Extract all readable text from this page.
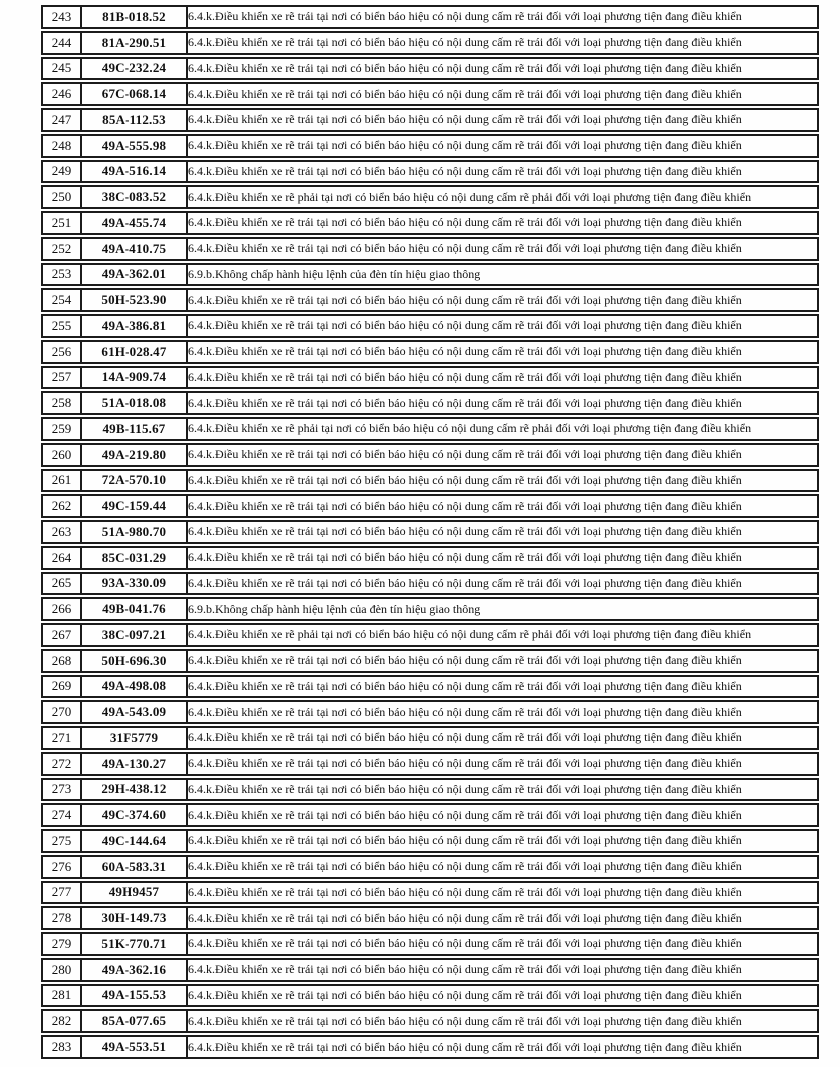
243	81B-018.52	6.4.k.Điều khiển xe rẽ trái tại nơi có biển báo hiệu có nội dung cấm rẽ trái đối với loại phương tiện đang điều khiển
244	81A-290.51	6.4.k.Điều khiển xe rẽ trái tại nơi có biển báo hiệu có nội dung cấm rẽ trái đối với loại phương tiện đang điều khiển
245	49C-232.24	6.4.k.Điều khiển xe rẽ trái tại nơi có biển báo hiệu có nội dung cấm rẽ trái đối với loại phương tiện đang điều khiển
246	67C-068.14	6.4.k.Điều khiển xe rẽ trái tại nơi có biển báo hiệu có nội dung cấm rẽ trái đối với loại phương tiện đang điều khiển
247	85A-112.53	6.4.k.Điều khiển xe rẽ trái tại nơi có biển báo hiệu có nội dung cấm rẽ trái đối với loại phương tiện đang điều khiển
248	49A-555.98	6.4.k.Điều khiển xe rẽ trái tại nơi có biển báo hiệu có nội dung cấm rẽ trái đối với loại phương tiện đang điều khiển
249	49A-516.14	6.4.k.Điều khiển xe rẽ trái tại nơi có biển báo hiệu có nội dung cấm rẽ trái đối với loại phương tiện đang điều khiển
250	38C-083.52	6.4.k.Điều khiển xe rẽ phải tại nơi có biển báo hiệu có nội dung cấm rẽ phải đối với loại phương tiện đang điều khiển
251	49A-455.74	6.4.k.Điều khiển xe rẽ trái tại nơi có biển báo hiệu có nội dung cấm rẽ trái đối với loại phương tiện đang điều khiển
252	49A-410.75	6.4.k.Điều khiển xe rẽ trái tại nơi có biển báo hiệu có nội dung cấm rẽ trái đối với loại phương tiện đang điều khiển
253	49A-362.01	6.9.b.Không chấp hành hiệu lệnh của đèn tín hiệu giao thông
254	50H-523.90	6.4.k.Điều khiển xe rẽ trái tại nơi có biển báo hiệu có nội dung cấm rẽ trái đối với loại phương tiện đang điều khiển
255	49A-386.81	6.4.k.Điều khiển xe rẽ trái tại nơi có biển báo hiệu có nội dung cấm rẽ trái đối với loại phương tiện đang điều khiển
256	61H-028.47	6.4.k.Điều khiển xe rẽ trái tại nơi có biển báo hiệu có nội dung cấm rẽ trái đối với loại phương tiện đang điều khiển
257	14A-909.74	6.4.k.Điều khiển xe rẽ trái tại nơi có biển báo hiệu có nội dung cấm rẽ trái đối với loại phương tiện đang điều khiển
258	51A-018.08	6.4.k.Điều khiển xe rẽ trái tại nơi có biển báo hiệu có nội dung cấm rẽ trái đối với loại phương tiện đang điều khiển
259	49B-115.67	6.4.k.Điều khiển xe rẽ phải tại nơi có biển báo hiệu có nội dung cấm rẽ phải đối với loại phương tiện đang điều khiển
260	49A-219.80	6.4.k.Điều khiển xe rẽ trái tại nơi có biển báo hiệu có nội dung cấm rẽ trái đối với loại phương tiện đang điều khiển
261	72A-570.10	6.4.k.Điều khiển xe rẽ trái tại nơi có biển báo hiệu có nội dung cấm rẽ trái đối với loại phương tiện đang điều khiển
262	49C-159.44	6.4.k.Điều khiển xe rẽ trái tại nơi có biển báo hiệu có nội dung cấm rẽ trái đối với loại phương tiện đang điều khiển
263	51A-980.70	6.4.k.Điều khiển xe rẽ trái tại nơi có biển báo hiệu có nội dung cấm rẽ trái đối với loại phương tiện đang điều khiển
264	85C-031.29	6.4.k.Điều khiển xe rẽ trái tại nơi có biển báo hiệu có nội dung cấm rẽ trái đối với loại phương tiện đang điều khiển
265	93A-330.09	6.4.k.Điều khiển xe rẽ trái tại nơi có biển báo hiệu có nội dung cấm rẽ trái đối với loại phương tiện đang điều khiển
266	49B-041.76	6.9.b.Không chấp hành hiệu lệnh của đèn tín hiệu giao thông
267	38C-097.21	6.4.k.Điều khiển xe rẽ phải tại nơi có biển báo hiệu có nội dung cấm rẽ phải đối với loại phương tiện đang điều khiển
268	50H-696.30	6.4.k.Điều khiển xe rẽ trái tại nơi có biển báo hiệu có nội dung cấm rẽ trái đối với loại phương tiện đang điều khiển
269	49A-498.08	6.4.k.Điều khiển xe rẽ trái tại nơi có biển báo hiệu có nội dung cấm rẽ trái đối với loại phương tiện đang điều khiển
270	49A-543.09	6.4.k.Điều khiển xe rẽ trái tại nơi có biển báo hiệu có nội dung cấm rẽ trái đối với loại phương tiện đang điều khiển
271	31F5779	6.4.k.Điều khiển xe rẽ trái tại nơi có biển báo hiệu có nội dung cấm rẽ trái đối với loại phương tiện đang điều khiển
272	49A-130.27	6.4.k.Điều khiển xe rẽ trái tại nơi có biển báo hiệu có nội dung cấm rẽ trái đối với loại phương tiện đang điều khiển
273	29H-438.12	6.4.k.Điều khiển xe rẽ trái tại nơi có biển báo hiệu có nội dung cấm rẽ trái đối với loại phương tiện đang điều khiển
274	49C-374.60	6.4.k.Điều khiển xe rẽ trái tại nơi có biển báo hiệu có nội dung cấm rẽ trái đối với loại phương tiện đang điều khiển
275	49C-144.64	6.4.k.Điều khiển xe rẽ trái tại nơi có biển báo hiệu có nội dung cấm rẽ trái đối với loại phương tiện đang điều khiển
276	60A-583.31	6.4.k.Điều khiển xe rẽ trái tại nơi có biển báo hiệu có nội dung cấm rẽ trái đối với loại phương tiện đang điều khiển
277	49H9457	6.4.k.Điều khiển xe rẽ trái tại nơi có biển báo hiệu có nội dung cấm rẽ trái đối với loại phương tiện đang điều khiển
278	30H-149.73	6.4.k.Điều khiển xe rẽ trái tại nơi có biển báo hiệu có nội dung cấm rẽ trái đối với loại phương tiện đang điều khiển
279	51K-770.71	6.4.k.Điều khiển xe rẽ trái tại nơi có biển báo hiệu có nội dung cấm rẽ trái đối với loại phương tiện đang điều khiển
280	49A-362.16	6.4.k.Điều khiển xe rẽ trái tại nơi có biển báo hiệu có nội dung cấm rẽ trái đối với loại phương tiện đang điều khiển
281	49A-155.53	6.4.k.Điều khiển xe rẽ trái tại nơi có biển báo hiệu có nội dung cấm rẽ trái đối với loại phương tiện đang điều khiển
282	85A-077.65	6.4.k.Điều khiển xe rẽ trái tại nơi có biển báo hiệu có nội dung cấm rẽ trái đối với loại phương tiện đang điều khiển
283	49A-553.51	6.4.k.Điều khiển xe rẽ trái tại nơi có biển báo hiệu có nội dung cấm rẽ trái đối với loại phương tiện đang điều khiển
